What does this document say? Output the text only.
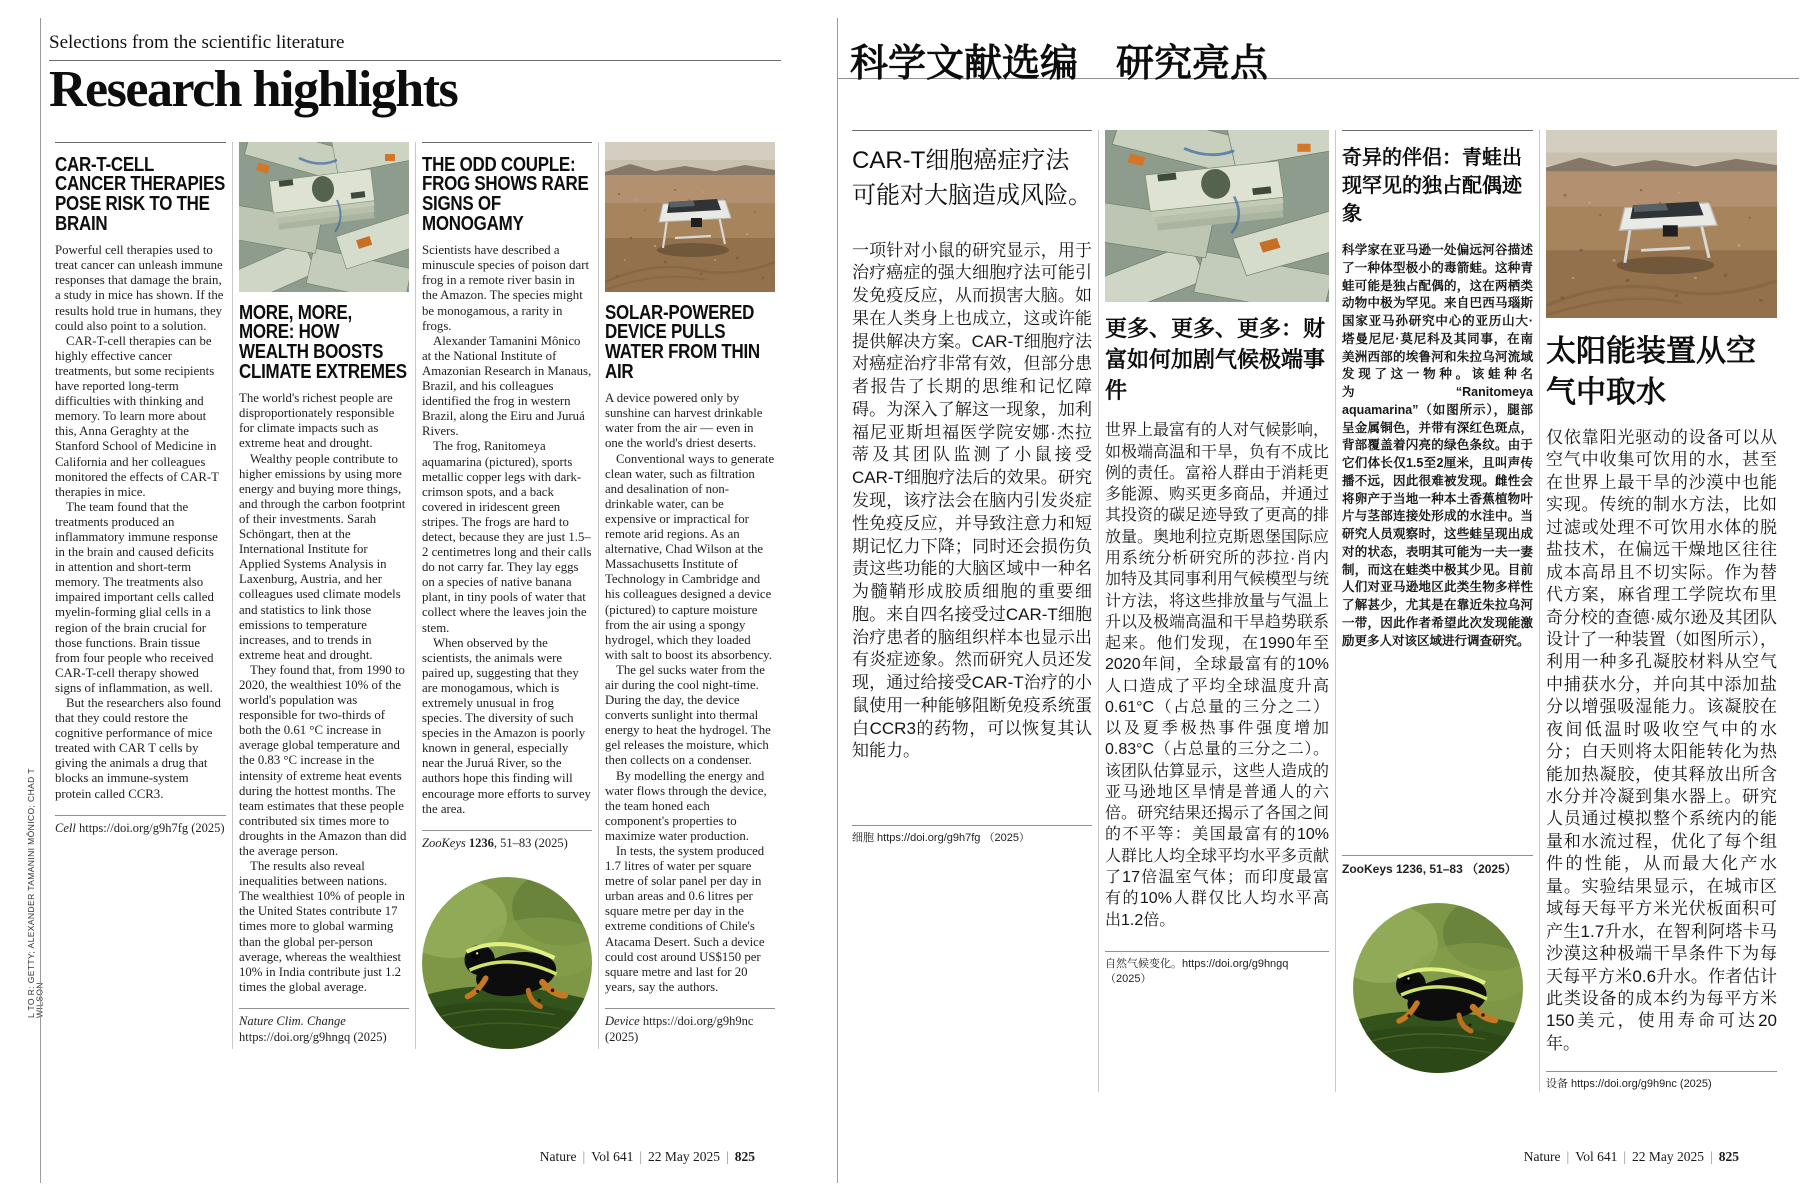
L TO R: GETTY; ALEXANDER TAMANINI MÔNICO; CHAD T WILSON
Selections from the scientific literature
Research highlights
CAR-T-CELL CANCER THERAPIES POSE RISK TO THE BRAIN

Powerful cell therapies used to treat cancer can unleash immune responses that damage the brain, a study in mice has shown. If the results hold true in humans, they could also point to a solution.

CAR-T-cell therapies can be highly effective cancer treatments, but some recipients have reported long-term difficulties with thinking and memory. To learn more about this, Anna Geraghty at the Stanford School of Medicine in California and her colleagues monitored the effects of CAR-T therapies in mice.

The team found that the treatments produced an inflammatory immune response in the brain and caused deficits in attention and short-term memory. The treatments also impaired important cells called myelin-forming glial cells in a region of the brain crucial for those functions. Brain tissue from four people who received CAR-T-cell therapy showed signs of inflammation, as well.

But the researchers also found that they could restore the cognitive performance of mice treated with CAR T cells by giving the animals a drug that blocks an immune-system protein called CCR3.

Cell https://doi.org/g9h7fg (2025)
MORE, MORE, MORE: HOW WEALTH BOOSTS CLIMATE EXTREMES

The world's richest people are disproportionately responsible for climate impacts such as extreme heat and drought.

Wealthy people contribute to higher emissions by using more energy and buying more things, and through the carbon footprint of their investments. Sarah Schöngart, then at the International Institute for Applied Systems Analysis in Laxenburg, Austria, and her colleagues used climate models and statistics to link those emissions to temperature increases, and to trends in extreme heat and drought.

They found that, from 1990 to 2020, the wealthiest 10% of the world's population was responsible for two-thirds of both the 0.61 °C increase in average global temperature and the 0.83 °C increase in the intensity of extreme heat events during the hottest months. The team estimates that these people contributed six times more to droughts in the Amazon than did the average person.

The results also reveal inequalities between nations. The wealthiest 10% of people in the United States contribute 17 times more to global warming than the global per-person average, whereas the wealthiest 10% in India contribute just 1.2 times the global average.

Nature Clim. Change https://doi.org/g9hngq (2025)
THE ODD COUPLE: FROG SHOWS RARE SIGNS OF MONOGAMY

Scientists have described a minuscule species of poison dart frog in a remote river basin in the Amazon. The species might be monogamous, a rarity in frogs.

Alexander Tamanini Mônico at the National Institute of Amazonian Research in Manaus, Brazil, and his colleagues identified the frog in western Brazil, along the Eiru and Juruá Rivers.

The frog, Ranitomeya aquamarina (pictured), sports metallic copper legs with dark-crimson spots, and a back covered in iridescent green stripes. The frogs are hard to detect, because they are just 1.5–2 centimetres long and their calls do not carry far. They lay eggs on a species of native banana plant, in tiny pools of water that collect where the leaves join the stem.

When observed by the scientists, the animals were paired up, suggesting that they are monogamous, which is extremely unusual in frog species. The diversity of such species in the Amazon is poorly known in general, especially near the Juruá River, so the authors hope this finding will encourage more efforts to survey the area.

ZooKeys 1236, 51–83 (2025)
SOLAR-POWERED DEVICE PULLS WATER FROM THIN AIR

A device powered only by sunshine can harvest drinkable water from the air — even in one the world's driest deserts.

Conventional ways to generate clean water, such as filtration and desalination of non-drinkable water, can be expensive or impractical for remote arid regions. As an alternative, Chad Wilson at the Massachusetts Institute of Technology in Cambridge and his colleagues designed a device (pictured) to capture moisture from the air using a spongy hydrogel, which they loaded with salt to boost its absorbency.

The gel sucks water from the air during the cool night-time. During the day, the device converts sunlight into thermal energy to heat the hydrogel. The gel releases the moisture, which then collects on a condenser.

By modelling the energy and water flows through the device, the team honed each component's properties to maximize water production.

In tests, the system produced 1.7 litres of water per square metre of solar panel per day in urban areas and 0.6 litres per square metre per day in the extreme conditions of Chile's Atacama Desert. Such a device could cost around US$150 per square metre and last for 20 years, say the authors.

Device https://doi.org/g9h9nc (2025)
Nature | Vol 641 | 22 May 2025 | 825
科学文献选编　研究亮点
CAR-T细胞癌症疗法可能对大脑造成风险。

一项针对小鼠的研究显示，用于治疗癌症的强大细胞疗法可能引发免疫反应，从而损害大脑。如果在人类身上也成立，这或许能提供解决方案。CAR-T细胞疗法对癌症治疗非常有效，但部分患者报告了长期的思维和记忆障碍。为深入了解这一现象，加利福尼亚斯坦福医学院安娜·杰拉蒂及其团队监测了小鼠接受CAR-T细胞疗法后的效果。研究发现，该疗法会在脑内引发炎症性免疫反应，并导致注意力和短期记忆力下降；同时还会损伤负责这些功能的大脑区域中一种名为髓鞘形成胶质细胞的重要细胞。来自四名接受过CAR-T细胞治疗患者的脑组织样本也显示出有炎症迹象。然而研究人员还发现，通过给接受CAR-T治疗的小鼠使用一种能够阻断免疫系统蛋白CCR3的药物，可以恢复其认知能力。

细胞 https://doi.org/g9h7fg （2025）
更多、更多、更多：财富如何加剧气候极端事件

世界上最富有的人对气候影响，如极端高温和干旱，负有不成比例的责任。富裕人群由于消耗更多能源、购买更多商品，并通过其投资的碳足迹导致了更高的排放量。奥地利拉克斯恩堡国际应用系统分析研究所的莎拉·肖内加特及其同事利用气候模型与统计方法，将这些排放量与气温上升以及极端高温和干旱趋势联系起来。他们发现，在1990年至2020年间，全球最富有的10%人口造成了平均全球温度升高0.61°C（占总量的三分之二）以及夏季极热事件强度增加0.83°C（占总量的三分之二）。该团队估算显示，这些人造成的亚马逊地区旱情是普通人的六倍。研究结果还揭示了各国之间的不平等：美国最富有的10%人群比人均全球平均水平多贡献了17倍温室气体；而印度最富有的10%人群仅比人均水平高出1.2倍。

自然气候变化。https://doi.org/g9hngq （2025）
奇异的伴侣：青蛙出现罕见的独占配偶迹象

科学家在亚马逊一处偏远河谷描述了一种体型极小的毒箭蛙。这种青蛙可能是独占配偶的，这在两栖类动物中极为罕见。来自巴西马瑙斯国家亚马孙研究中心的亚历山大·塔曼尼尼·莫尼科及其同事，在南美洲西部的埃鲁河和朱拉乌河流域发现了这一物种。该蛙种名为“Ranitomeya aquamarina”（如图所示），腿部呈金属铜色，并带有深红色斑点，背部覆盖着闪亮的绿色条纹。由于它们体长仅1.5至2厘米，且叫声传播不远，因此很难被发现。雌性会将卵产于当地一种本土香蕉植物叶片与茎部连接处形成的水洼中。当研究人员观察时，这些蛙呈现出成对的状态，表明其可能为一夫一妻制，而这在蛙类中极其少见。目前人们对亚马逊地区此类生物多样性了解甚少，尤其是在靠近朱拉乌河一带，因此作者希望此次发现能激励更多人对该区域进行调查研究。

ZooKeys 1236, 51–83 （2025）
太阳能装置从空气中取水

仅依靠阳光驱动的设备可以从空气中收集可饮用的水，甚至在世界上最干旱的沙漠中也能实现。传统的制水方法，比如过滤或处理不可饮用水体的脱盐技术，在偏远干燥地区往往成本高昂且不切实际。作为替代方案，麻省理工学院坎布里奇分校的查德·威尔逊及其团队设计了一种装置（如图所示），利用一种多孔凝胶材料从空气中捕获水分，并向其中添加盐分以增强吸湿能力。该凝胶在夜间低温时吸收空气中的水分；白天则将太阳能转化为热能加热凝胶，使其释放出所含水分并冷凝到集水器上。研究人员通过模拟整个系统内的能量和水流过程，优化了每个组件的性能，从而最大化产水量。实验结果显示，在城市区域每天每平方米光伏板面积可产生1.7升水，在智利阿塔卡马沙漠这种极端干旱条件下为每天每平方米0.6升水。作者估计此类设备的成本约为每平方米150美元，使用寿命可达20年。

设备 https://doi.org/g9h9nc (2025)
Nature | Vol 641 | 22 May 2025 | 825
